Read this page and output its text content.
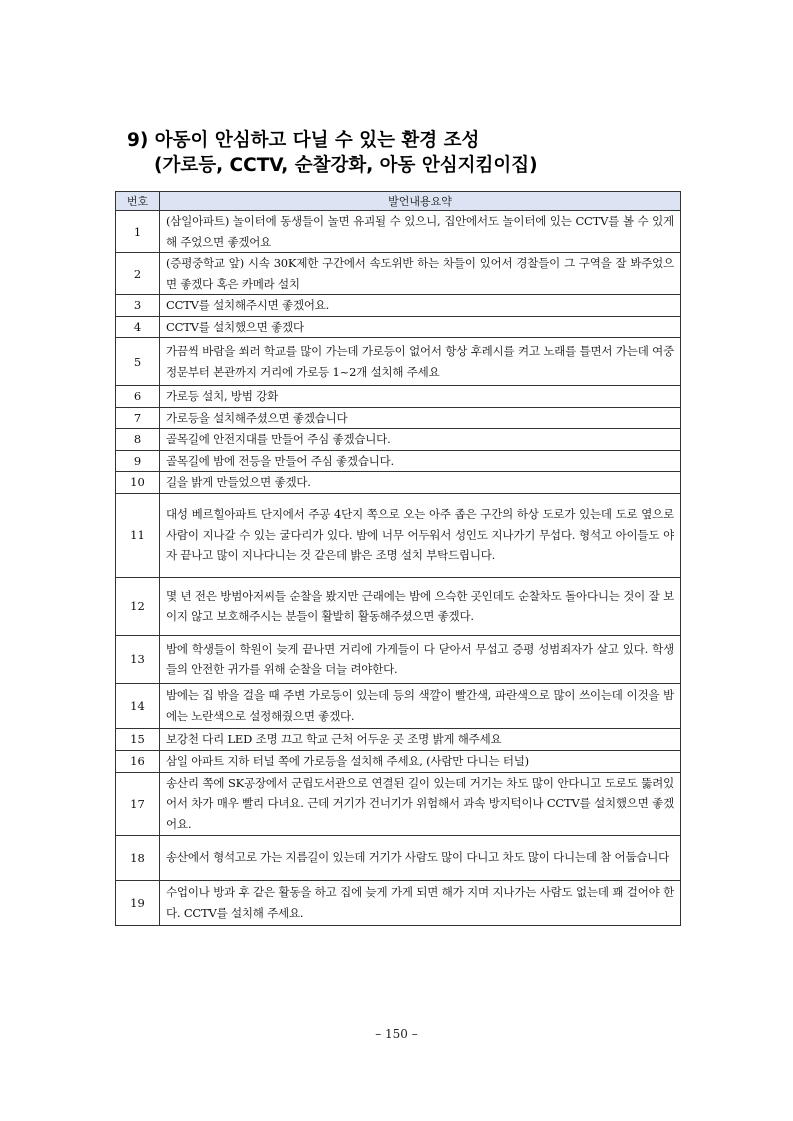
9) 아동이 안심하고 다닐 수 있는 환경 조성
(가로등, CCTV, 순찰강화, 아동 안심지킴이집)
번호	발언내용요약
1	(삼일아파트) 놀이터에 동생들이 놀면 유괴될 수 있으니, 집안에서도 놀이터에 있는 CCTV를 볼 수 있게 해 주었으면 좋겠어요
2	(증평중학교 앞) 시속 30K제한 구간에서 속도위반 하는 차들이 있어서 경찰들이 그 구역을 잘 봐주었으면 좋겠다 혹은 카메라 설치
3	CCTV를 설치해주시면 좋겠어요.
4	CCTV를 설치했으면 좋겠다
5	가끔씩 바람을 쐬러 학교를 많이 가는데 가로등이 없어서 항상 후레시를 켜고 노래를 틀면서 가는데 여중 정문부터 본관까지 거리에 가로등 1~2개 설치해 주세요
6	가로등 설치, 방범 강화
7	가로등을 설치해주셨으면 좋겠습니다
8	골목길에 안전지대를 만들어 주심 좋겠습니다.
9	골목길에 밤에 전등을 만들어 주심 좋겠습니다.
10	길을 밝게 만들었으면 좋겠다.
11	대성 베르힐아파트 단지에서 주공 4단지 쪽으로 오는 아주 좁은 구간의 하상 도로가 있는데 도로 옆으로 사람이 지나갈 수 있는 굴다리가 있다. 밤에 너무 어두워서 성인도 지나가기 무섭다. 형석고 아이들도 야자 끝나고 많이 지나다니는 것 같은데 밝은 조명 설치 부탁드립니다.
12	몇 년 전은 방범아저씨들 순찰을 봤지만 근래에는 밤에 으슥한 곳인데도 순찰차도 돌아다니는 것이 잘 보이지 않고 보호해주시는 분들이 활발히 활동해주셨으면 좋겠다.
13	밤에 학생들이 학원이 늦게 끝나면 거리에 가게들이 다 닫아서 무섭고 증평 성범죄자가 살고 있다. 학생들의 안전한 귀가를 위해 순찰을 더늘 려야한다.
14	밤에는 집 밖을 걸을 때 주변 가로등이 있는데 등의 색깔이 빨간색, 파란색으로 많이 쓰이는데 이것을 밤에는 노란색으로 설정해줬으면 좋겠다.
15	보강천 다리 LED 조명 끄고 학교 근처 어두운 곳 조명 밝게 해주세요
16	삼일 아파트 지하 터널 쪽에 가로등을 설치해 주세요, (사람만 다니는 터널)
17	송산리 쪽에 SK공장에서 군립도서관으로 연결된 길이 있는데 거기는 차도 많이 안다니고 도로도 뚫려있어서 차가 매우 빨리 다녀요. 근데 거기가 건너기가 위험해서 과속 방지턱이나 CCTV를 설치했으면 좋겠어요.
18	송산에서 형석고로 가는 지름길이 있는데 거기가 사람도 많이 다니고 차도 많이 다니는데 참 어둡습니다
19	수업이나 방과 후 같은 활동을 하고 집에 늦게 가게 되면 해가 지며 지나가는 사람도 없는데 꽤 걸어야 한다. CCTV를 설치해 주세요.
– 150 –
